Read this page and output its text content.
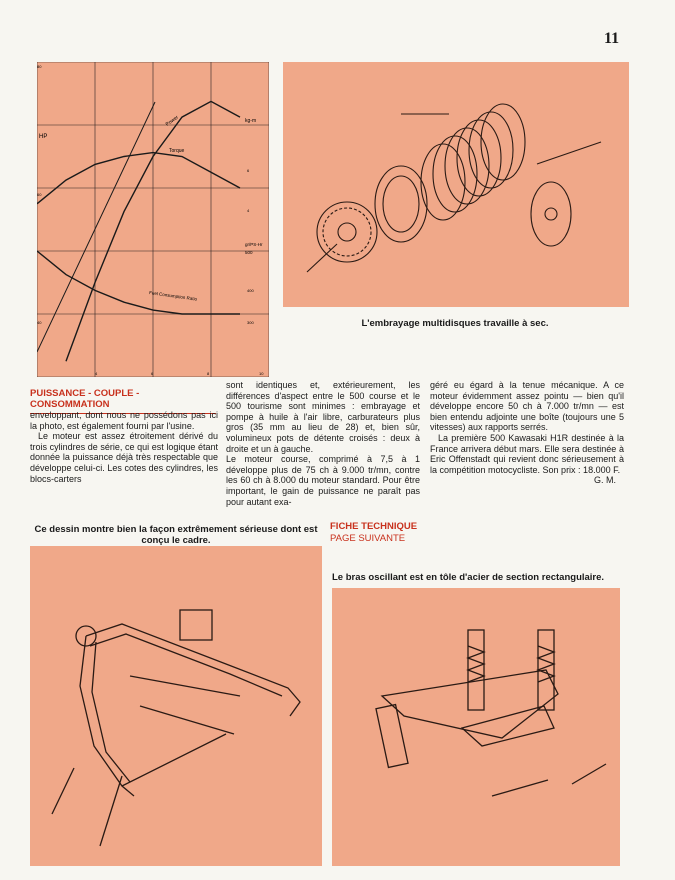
11
HP
kg-m
gr/PS-Hr
500
Power
Torque
Fuel Consumption Ratio
80
60
40
6
4
400
300
4	6	8	10
L'embrayage multidisques travaille à sec.
PUISSANCE - COUPLE - CONSOMMATION

enveloppant, dont nous ne possédons pas ici la photo, est également fourni par l'usine.

Le moteur est assez étroitement dérivé du trois cylindres de série, ce qui est logique étant donnée la puissance déjà très respectable que développe celui-ci. Les cotes des cylindres, les blocs-carters

sont identiques et, extérieurement, les différences d'aspect entre le 500 course et le 500 tourisme sont minimes : embrayage et pompe à huile à l'air libre, carburateurs plus gros (35 mm au lieu de 28) et, bien sûr, volumineux pots de détente croisés : deux à droite et un à gauche.

Le moteur course, comprimé à 7,5 à 1 développe plus de 75 ch à 9.000 tr/mn, contre les 60 ch à 8.000 du moteur standard. Pour être important, le gain de puissance ne paraît pas pour autant exa-

géré eu égard à la tenue mécanique. A ce moteur évidemment assez pointu — bien qu'il développe encore 50 ch à 7.000 tr/mn — est bien entendu adjointe une boîte (toujours une 5 vitesses) aux rapports serrés.

La première 500 Kawasaki H1R destinée à la France arrivera début mars. Elle sera destinée à Eric Offenstadt qui revient donc sérieusement à la compétition motocycliste. Son prix : 18.000 F.

G. M.

Ce dessin montre bien la façon extrêmement sérieuse dont est conçu le cadre.
FICHE TECHNIQUE
PAGE SUIVANTE
Le bras oscillant est en tôle d'acier de section rectangulaire.
